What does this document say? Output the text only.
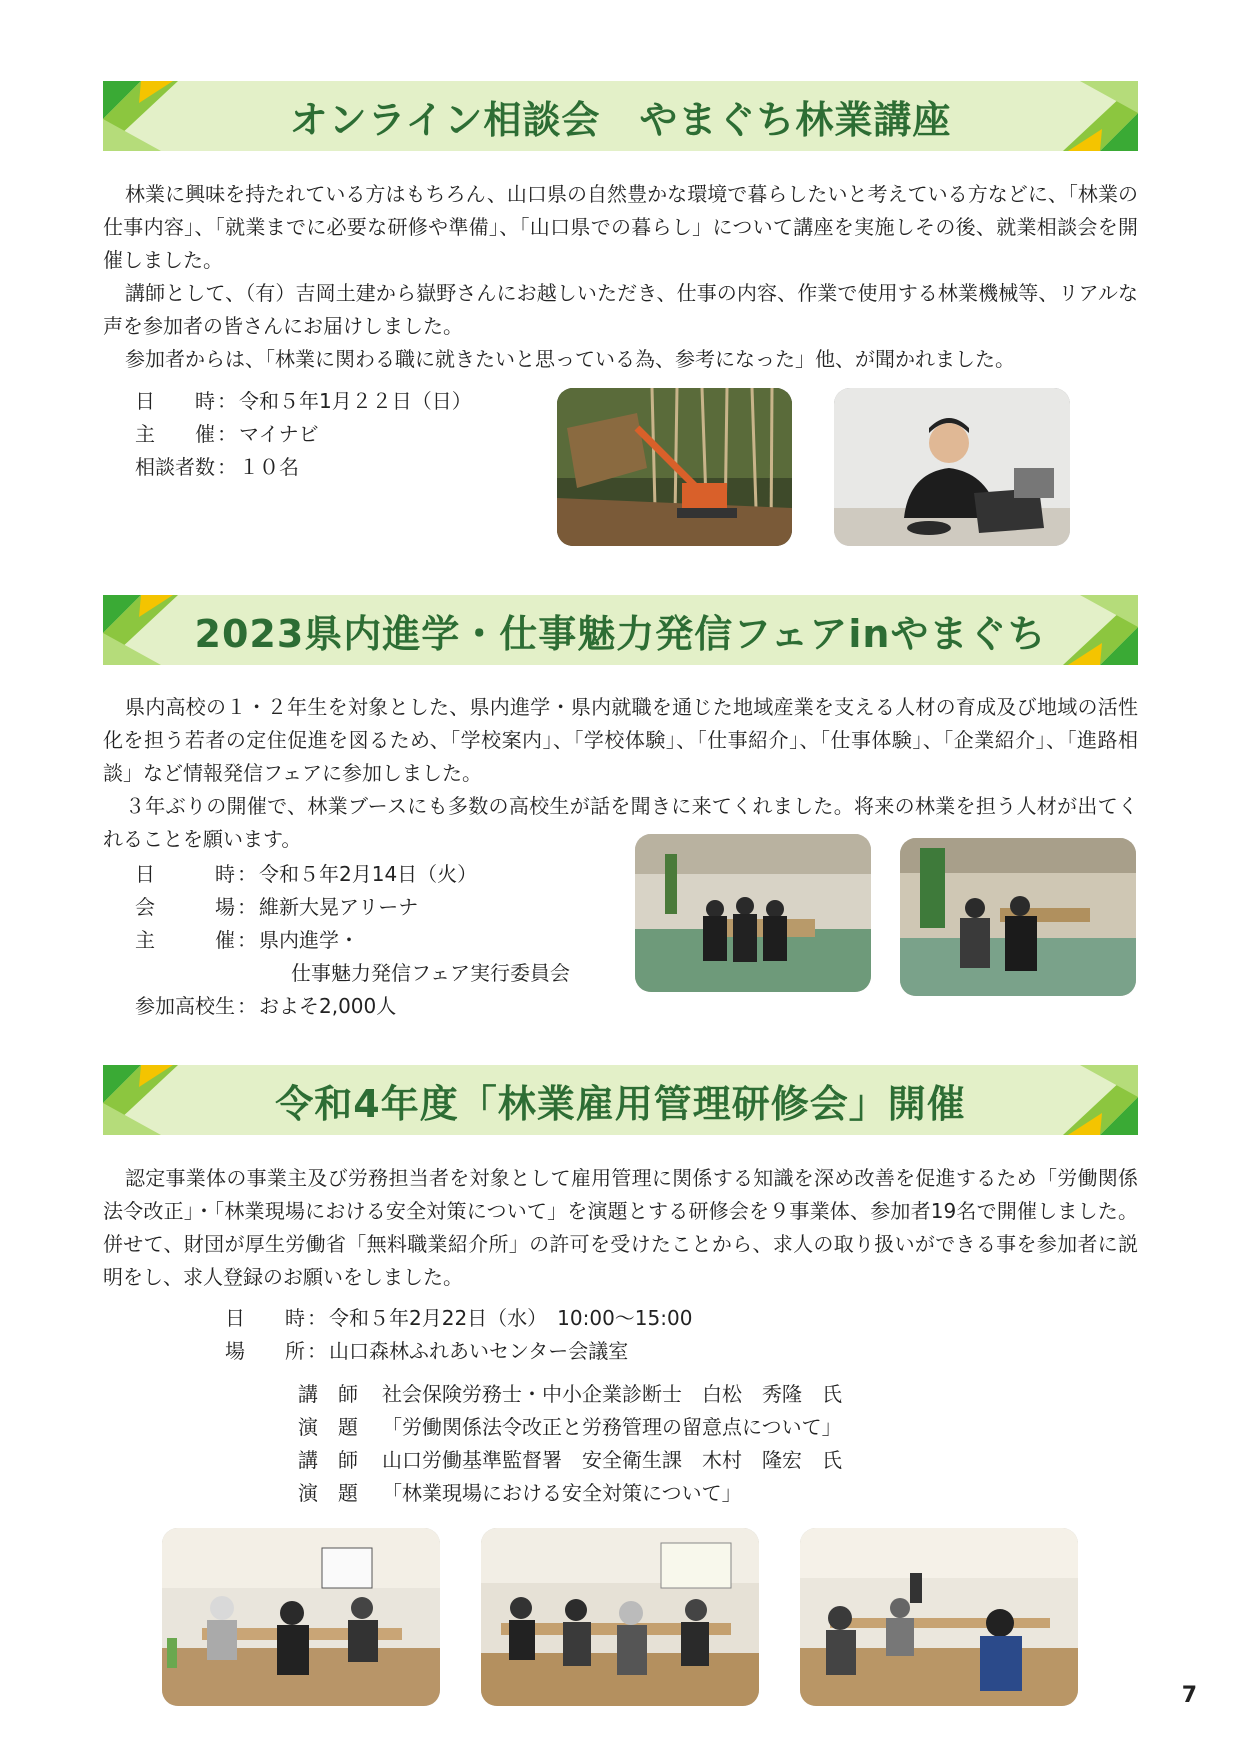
オンライン相談会　やまぐち林業講座

林業に興味を持たれている方はもちろん、山口県の自然豊かな環境で暮らしたいと考えている方などに、「林業の仕事内容」、「就業までに必要な研修や準備」、「山口県での暮らし」について講座を実施しその後、就業相談会を開催しました。

講師として、（有）吉岡土建から嶽野さんにお越しいただき、仕事の内容、作業で使用する林業機械等、リアルな声を参加者の皆さんにお届けしました。

参加者からは、「林業に関わる職に就きたいと思っている為、参考になった」他、が聞かれました。

日　　時 ： 令和５年1月２２日（日）
主　　催 ： マイナビ
相談者数 ： １０名
2023県内進学・仕事魅力発信フェアinやまぐち

県内高校の１・２年生を対象とした、県内進学・県内就職を通じた地域産業を支える人材の育成及び地域の活性化を担う若者の定住促進を図るため、「学校案内」、「学校体験」、「仕事紹介」、「仕事体験」、「企業紹介」、「進路相談」など情報発信フェアに参加しました。

３年ぶりの開催で、林業ブースにも多数の高校生が話を聞きに来てくれました。将来の林業を担う人材が出てくれることを願います。

日　　　時 ： 令和５年2月14日（火）
会　　　場 ： 維新大晃アリーナ
主　　　催 ： 県内進学・
仕事魅力発信フェア実行委員会
参加高校生 ： およそ2,000人
令和4年度「林業雇用管理研修会」開催

認定事業体の事業主及び労務担当者を対象として雇用管理に関係する知識を深め改善を促進するため「労働関係法令改正」・「林業現場における安全対策について」を演題とする研修会を９事業体、参加者19名で開催しました。併せて、財団が厚生労働省「無料職業紹介所」の許可を受けたことから、求人の取り扱いができる事を参加者に説明をし、求人登録のお願いをしました。

日　　時 ： 令和５年2月22日（水）　10:00〜15:00
場　　所 ： 山口森林ふれあいセンター会議室
講　師	社会保険労務士・中小企業診断士　白松　秀隆　氏
演　題	「労働関係法令改正と労務管理の留意点について」
講　師	山口労働基準監督署　安全衛生課　木村　隆宏　氏
演　題	「林業現場における安全対策について」
7
